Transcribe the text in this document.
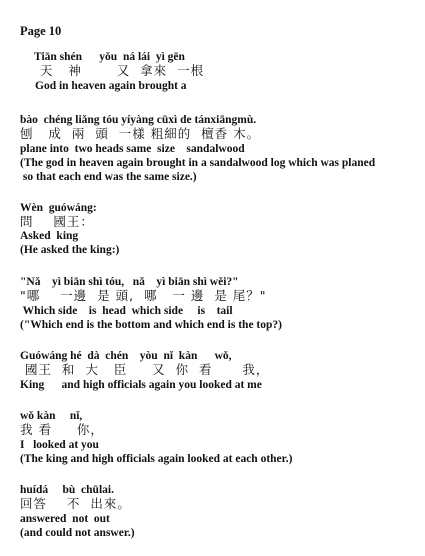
Page 10
Tiān shén      yǒu  ná lái  yì gēn
天   神       又  拿來  一根
God in heaven again brought a
bào  chéng liǎng tóu yíyàng cūxì de tánxiāngmù.
刨   成  兩  頭  一樣 粗細的  檀香 木。
plane into  two heads same  size    sandalwood
(The god in heaven again brought in a sandalwood log which was planed
so that each end was the same size.)
Wèn  guówáng:
問    國王：
Asked  king
(He asked the king:)
"Nǎ    yì biān shì tóu,   nǎ    yì biān shì wěi?"
"哪    一邊  是 頭,  哪   一 邊  是 尾？"
Which side    is  head  which side     is    tail
("Which end is the bottom and which end is the top?)
Guówáng hé  dà  chén    yòu  nǐ  kàn      wǒ,
國王  和  大   臣     又  你  看      我，
King      and high officials again you looked at me
wǒ kàn     nǐ,
我 看     你，
I   looked at you
(The king and high officials again looked at each other.)
huídá     bù  chūlai.
回答    不  出來。
answered  not  out
(and could not answer.)
